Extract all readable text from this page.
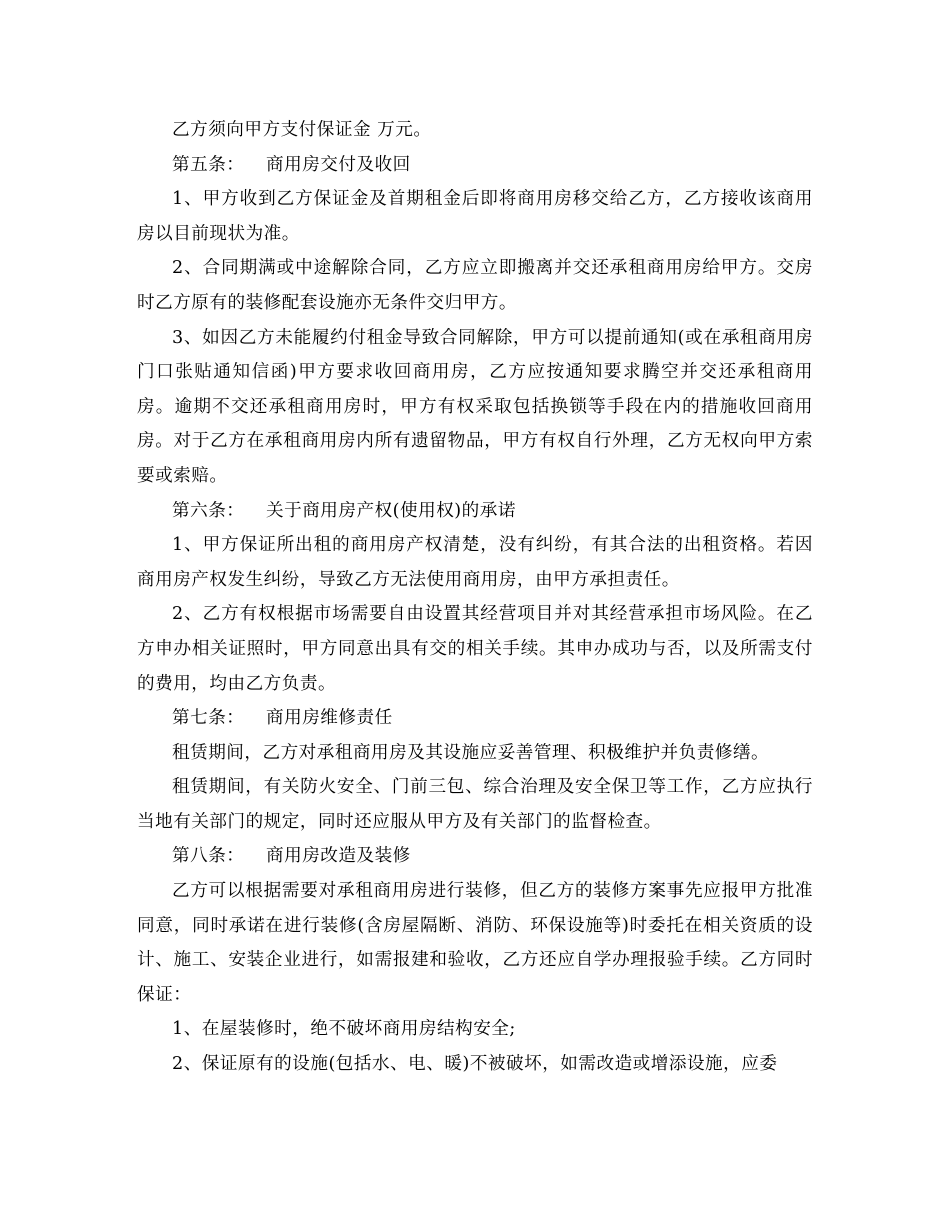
乙方须向甲方支付保证金 万元。

第五条： 商用房交付及收回

1、甲方收到乙方保证金及首期租金后即将商用房移交给乙方，乙方接收该商用房以目前现状为准。

2、合同期满或中途解除合同，乙方应立即搬离并交还承租商用房给甲方。交房时乙方原有的装修配套设施亦无条件交归甲方。

3、如因乙方未能履约付租金导致合同解除，甲方可以提前通知(或在承租商用房门口张贴通知信函)甲方要求收回商用房，乙方应按通知要求腾空并交还承租商用房。逾期不交还承租商用房时，甲方有权采取包括换锁等手段在内的措施收回商用房。对于乙方在承租商用房内所有遗留物品，甲方有权自行外理，乙方无权向甲方索要或索赔。

第六条： 关于商用房产权(使用权)的承诺

1、甲方保证所出租的商用房产权清楚，没有纠纷，有其合法的出租资格。若因商用房产权发生纠纷，导致乙方无法使用商用房，由甲方承担责任。

2、乙方有权根据市场需要自由设置其经营项目并对其经营承担市场风险。在乙方申办相关证照时，甲方同意出具有交的相关手续。其申办成功与否，以及所需支付的费用，均由乙方负责。

第七条： 商用房维修责任

租赁期间，乙方对承租商用房及其设施应妥善管理、积极维护并负责修缮。

租赁期间，有关防火安全、门前三包、综合治理及安全保卫等工作，乙方应执行当地有关部门的规定，同时还应服从甲方及有关部门的监督检查。

第八条： 商用房改造及装修

乙方可以根据需要对承租商用房进行装修，但乙方的装修方案事先应报甲方批准同意，同时承诺在进行装修(含房屋隔断、消防、环保设施等)时委托在相关资质的设计、施工、安装企业进行，如需报建和验收，乙方还应自学办理报验手续。乙方同时保证：

1、在屋装修时，绝不破坏商用房结构安全;

2、保证原有的设施(包括水、电、暖)不被破坏，如需改造或增添设施，应委
